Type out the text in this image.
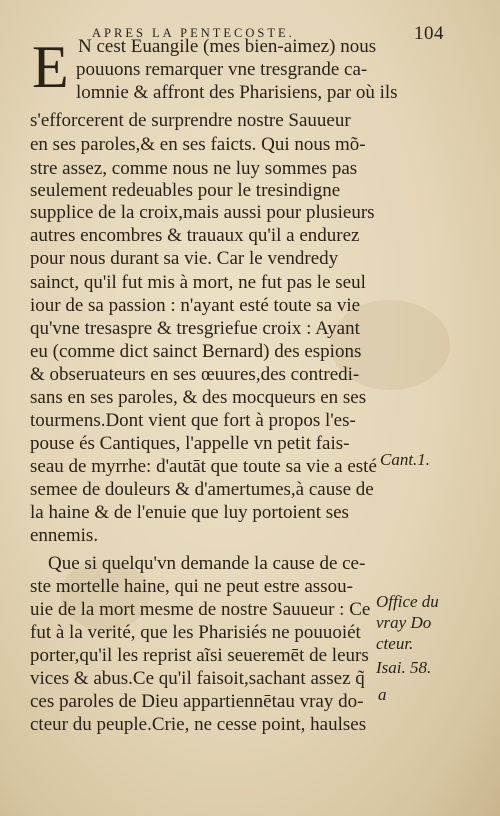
APRES LA PENTECOSTE.	104
E N cest Euangile (mes bien-aimez) nous
pouuons remarquer vne tresgrande ca-
lomnie & affront des Pharisiens, par où ils
s'efforcerent de surprendre nostre Sauueur
en ses paroles,& en ses faicts. Qui nous mõ-
stre assez, comme nous ne luy sommes pas
seulement redeuables pour le tresindigne
supplice de la croix,mais aussi pour plusieurs
autres encombres & trauaux qu'il a endurez
pour nous durant sa vie. Car le vendredy
sainct, qu'il fut mis à mort, ne fut pas le seul
iour de sa passion : n'ayant esté toute sa vie
qu'vne tresaspre & tresgriefue croix : Ayant
eu (comme dict sainct Bernard) des espions
& obseruateurs en ses œuures,des contredi-
sans en ses paroles, & des mocqueurs en ses
tourmens.Dont vient que fort à propos l'es-
pouse és Cantiques, l'appelle vn petit fais-
seau de myrrhe: d'autāt que toute sa vie a esté
semee de douleurs & d'amertumes,à cause de
la haine & de l'enuie que luy portoient ses
ennemis.
Que si quelqu'vn demande la cause de ce-
ste mortelle haine, qui ne peut estre assou-
uie de la mort mesme de nostre Sauueur : Ce
fut à la verité, que les Pharisiés ne pouuoiét
porter,qu'il les reprist aĩsi seueremēt de leurs
vices & abus.Ce qu'il faisoit,sachant assez q̃
ces paroles de Dieu appartiennētau vray do-
cteur du peuple.Crie, ne cesse point, haulses
Cant.1.
Office du
vray Do
cteur.
Isai. 58.
a
